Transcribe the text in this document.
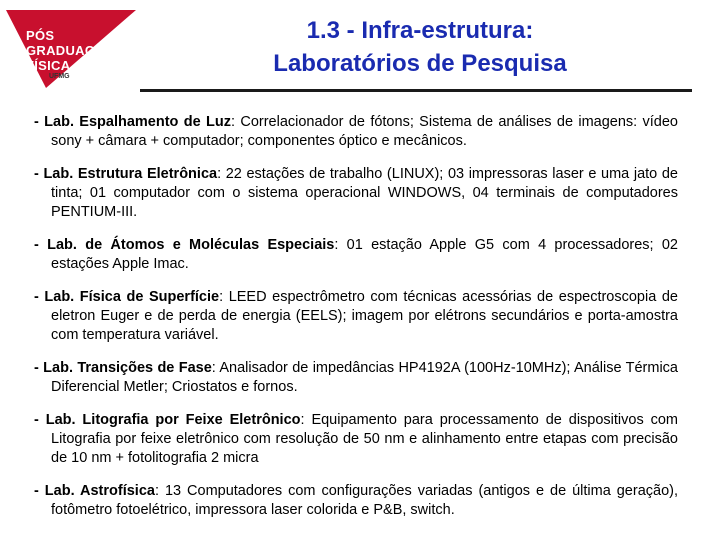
PÓS
GRADUAÇÃO
FÍSICA
UFMG
1.3 - Infra-estrutura:
Laboratórios de Pesquisa

- Lab. Espalhamento de Luz: Correlacionador de fótons; Sistema de análises de imagens: vídeo sony + câmara + computador; componentes óptico e mecânicos.

- Lab. Estrutura Eletrônica: 22 estações de trabalho (LINUX); 03 impressoras laser e uma jato de tinta; 01 computador com o sistema operacional WINDOWS, 04 terminais de computadores PENTIUM-III.

- Lab. de Átomos e Moléculas Especiais: 01 estação Apple G5 com 4 processadores; 02 estações Apple Imac.

- Lab. Física de Superfície: LEED espectrômetro com técnicas acessórias de espectroscopia de eletron Euger e de perda de energia (EELS); imagem por elétrons secundários e porta-amostra com temperatura variável.

- Lab. Transições de Fase: Analisador de impedâncias HP4192A (100Hz-10MHz); Análise Térmica Diferencial Metler; Criostatos e fornos.

- Lab. Litografia por Feixe Eletrônico: Equipamento para processamento de dispositivos com Litografia por feixe eletrônico com resolução de 50 nm e alinhamento entre etapas com precisão de 10 nm + fotolitografia 2 micra

- Lab. Astrofísica: 13 Computadores com configurações variadas (antigos e de última geração), fotômetro fotoelétrico, impressora laser colorida e P&B, switch.
